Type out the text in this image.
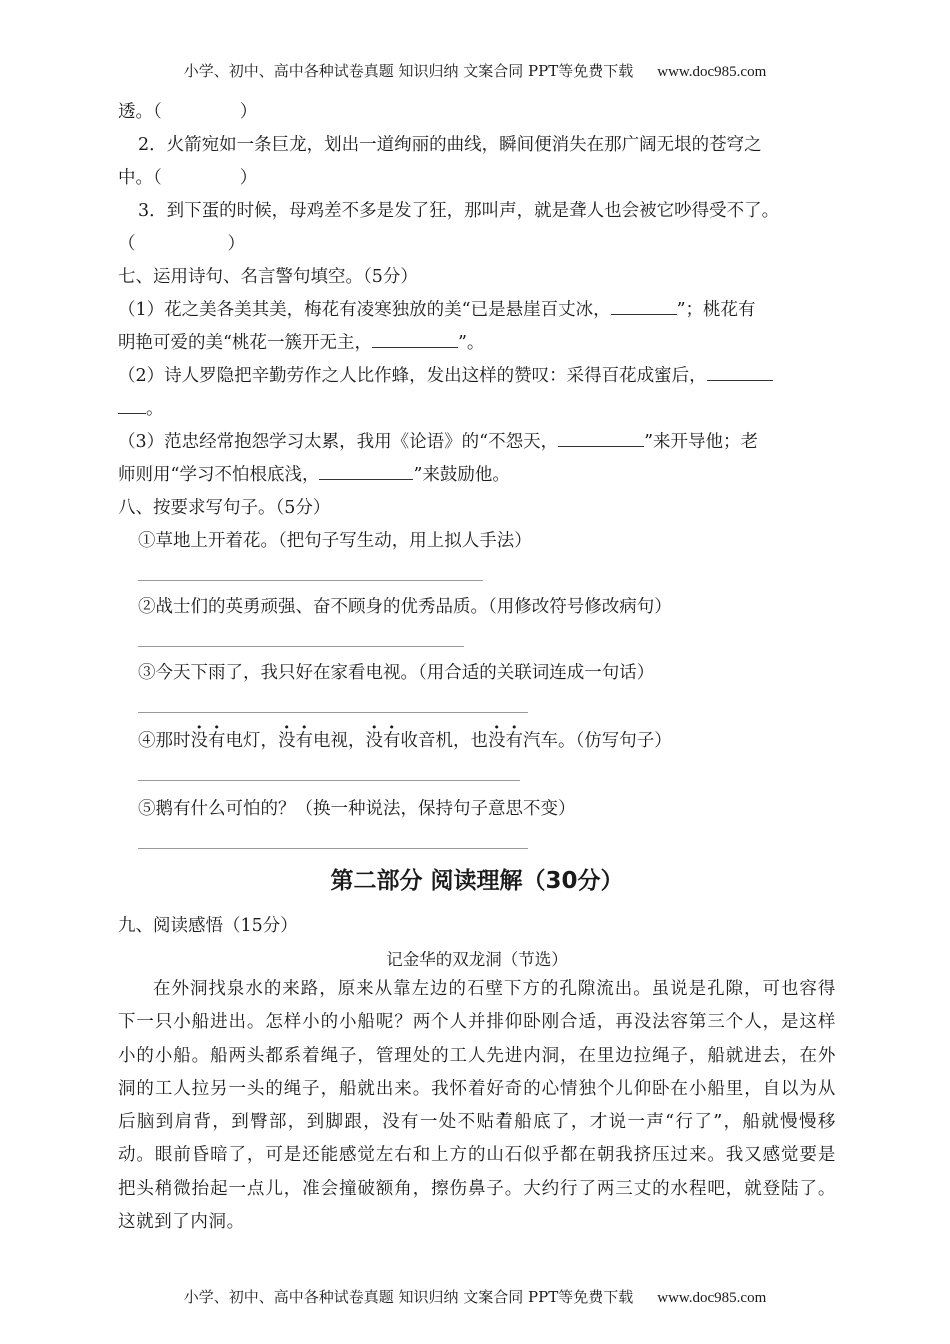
小学、初中、高中各种试卷真题 知识归纳 文案合同 PPT等免费下载 www.doc985.com
透。（	）
2．火箭宛如一条巨龙，划出一道绚丽的曲线，瞬间便消失在那广阔无垠的苍穹之
中。（	）
3．到下蛋的时候，母鸡差不多是发了狂，那叫声，就是聋人也会被它吵得受不了。
（	）
七、运用诗句、名言警句填空。（5分）
（1）花之美各美其美，梅花有凌寒独放的美“已是悬崖百丈冰，	”；桃花有
明艳可爱的美“桃花一簇开无主，	”。
（2）诗人罗隐把辛勤劳作之人比作蜂，发出这样的赞叹：采得百花成蜜后，
。
（3）范忠经常抱怨学习太累，我用《论语》的“不怨天，	”来开导他；老
师则用“学习不怕根底浅，	”来鼓励他。
八、按要求写句子。（5分）
①草地上开着花。（把句子写生动，用上拟人手法）
②战士们的英勇顽强、奋不顾身的优秀品质。（用修改符号修改病句）
③今天下雨了，我只好在家看电视。（用合适的关联词连成一句话）
④那时没有电灯，没有电视，没有收音机，也没有汽车。（仿写句子）
⑤鹅有什么可怕的？（换一种说法，保持句子意思不变）
第二部分 阅读理解（30分）
九、阅读感悟（15分）
记金华的双龙洞（节选）
在外洞找泉水的来路，原来从靠左边的石壁下方的孔隙流出。虽说是孔隙，可也容得下一只小船进出。怎样小的小船呢？两个人并排仰卧刚合适，再没法容第三个人，是这样小的小船。船两头都系着绳子，管理处的工人先进内洞，在里边拉绳子，船就进去，在外洞的工人拉另一头的绳子，船就出来。我怀着好奇的心情独个儿仰卧在小船里，自以为从后脑到肩背，到臀部，到脚跟，没有一处不贴着船底了，才说一声“行了”，船就慢慢移动。眼前昏暗了，可是还能感觉左右和上方的山石似乎都在朝我挤压过来。我又感觉要是把头稍微抬起一点儿，准会撞破额角，擦伤鼻子。大约行了两三丈的水程吧，就登陆了。这就到了内洞。
小学、初中、高中各种试卷真题 知识归纳 文案合同 PPT等免费下载 www.doc985.com
